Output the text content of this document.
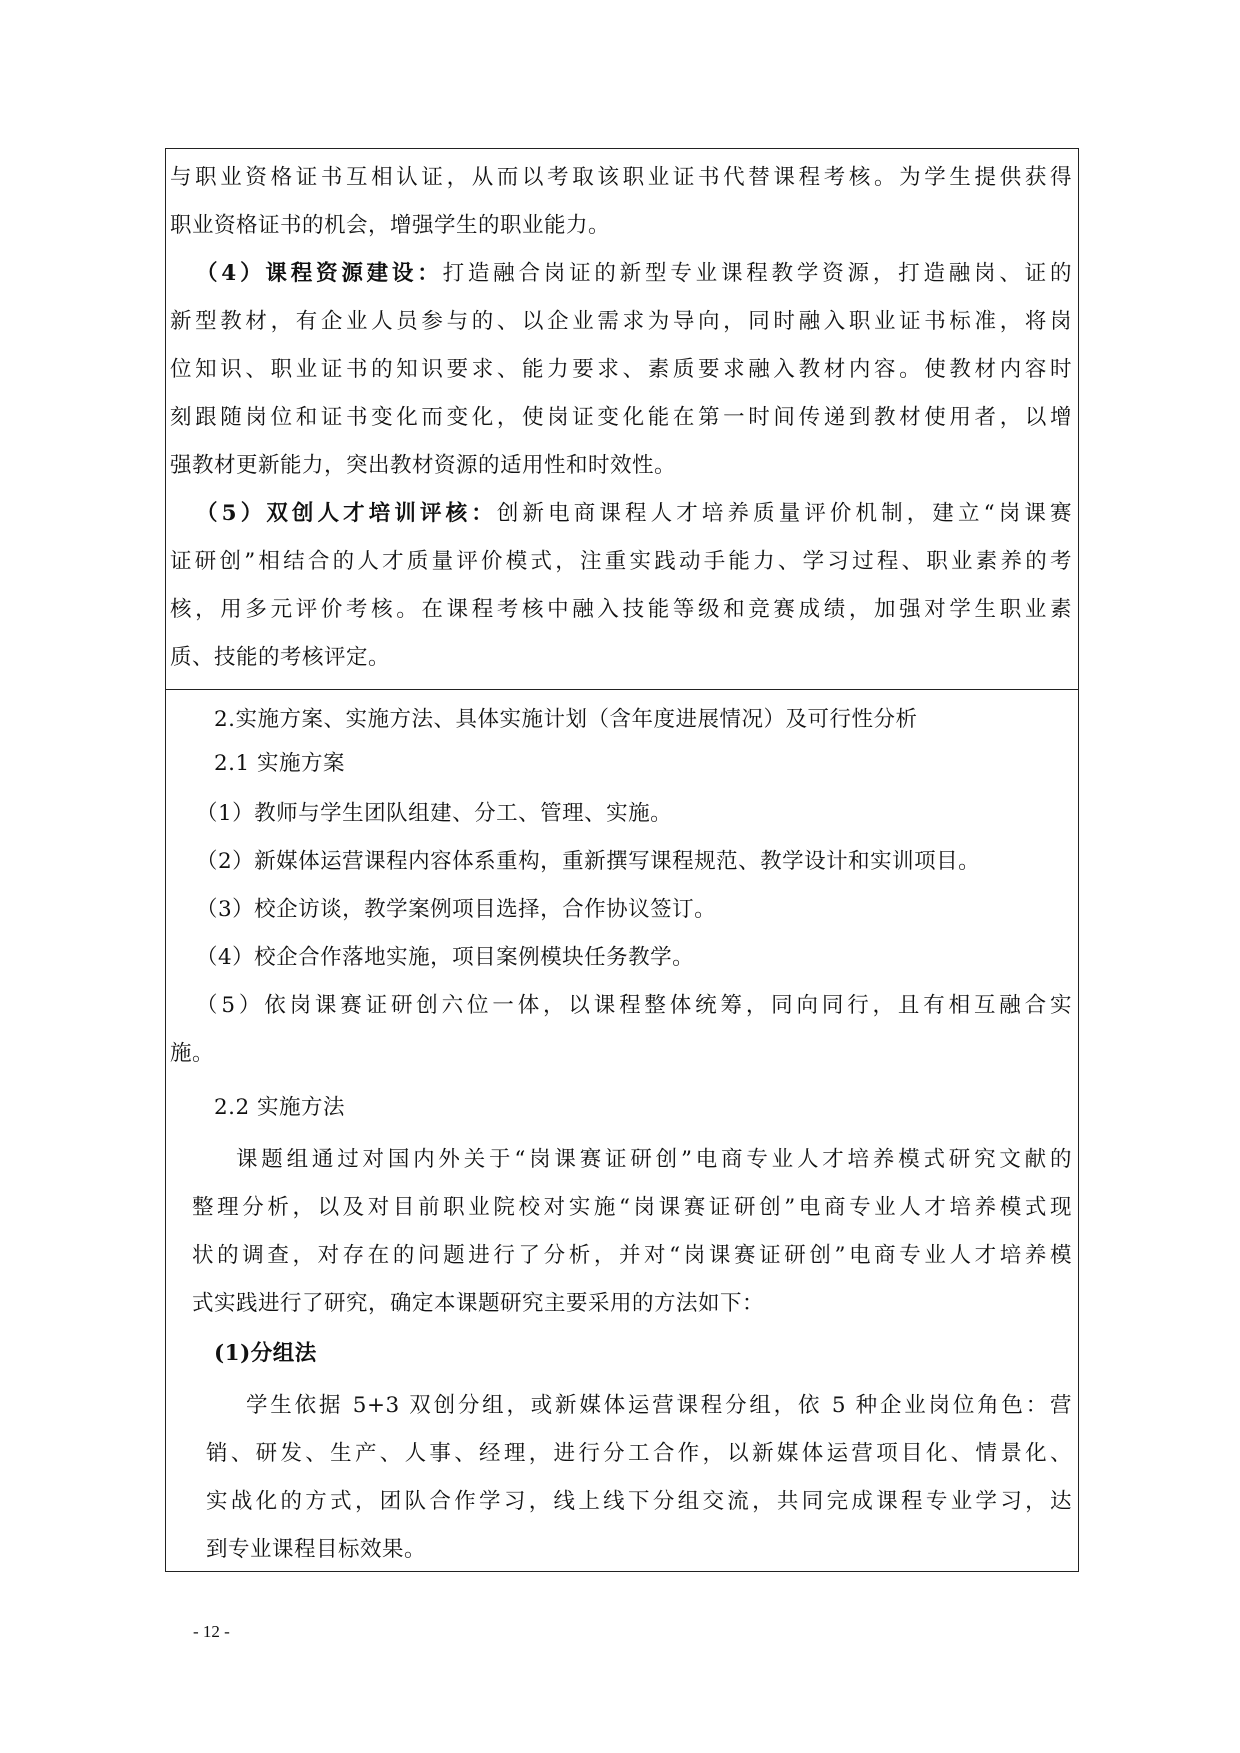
与职业资格证书互相认证，从而以考取该职业证书代替课程考核。为学生提供获得
职业资格证书的机会，增强学生的职业能力。
（4）课程资源建设：打造融合岗证的新型专业课程教学资源，打造融岗、证的
新型教材，有企业人员参与的、以企业需求为导向，同时融入职业证书标准，将岗
位知识、职业证书的知识要求、能力要求、素质要求融入教材内容。使教材内容时
刻跟随岗位和证书变化而变化，使岗证变化能在第一时间传递到教材使用者，以增
强教材更新能力，突出教材资源的适用性和时效性。
（5）双创人才培训评核：创新电商课程人才培养质量评价机制，建立“岗课赛
证研创”相结合的人才质量评价模式，注重实践动手能力、学习过程、职业素养的考
核，用多元评价考核。在课程考核中融入技能等级和竞赛成绩，加强对学生职业素
质、技能的考核评定。
2.实施方案、实施方法、具体实施计划（含年度进展情况）及可行性分析
2.1 实施方案
（1）教师与学生团队组建、分工、管理、实施。
（2）新媒体运营课程内容体系重构，重新撰写课程规范、教学设计和实训项目。
（3）校企访谈，教学案例项目选择，合作协议签订。
（4）校企合作落地实施，项目案例模块任务教学。
（5）依岗课赛证研创六位一体，以课程整体统筹，同向同行，且有相互融合实
施。
2.2 实施方法
课题组通过对国内外关于“岗课赛证研创”电商专业人才培养模式研究文献的
整理分析，以及对目前职业院校对实施“岗课赛证研创”电商专业人才培养模式现
状的调查，对存在的问题进行了分析，并对“岗课赛证研创”电商专业人才培养模
式实践进行了研究，确定本课题研究主要采用的方法如下：
(1)分组法
学生依据 5+3 双创分组，或新媒体运营课程分组，依 5 种企业岗位角色：营
销、研发、生产、人事、经理，进行分工合作，以新媒体运营项目化、情景化、
实战化的方式，团队合作学习，线上线下分组交流，共同完成课程专业学习，达
到专业课程目标效果。
- 12 -
